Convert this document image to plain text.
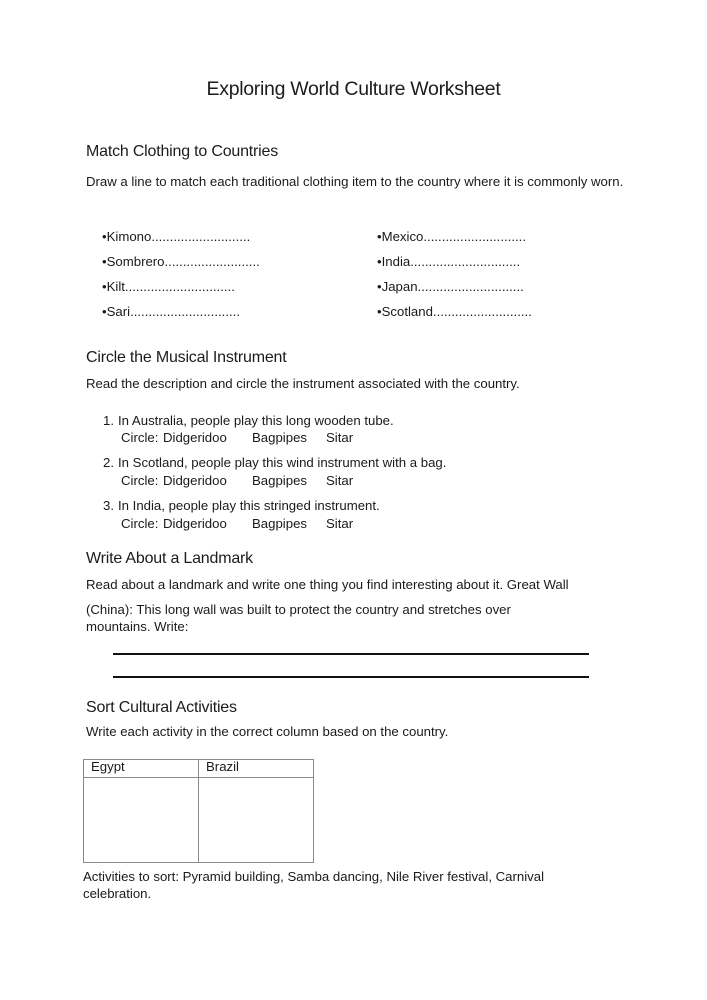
Exploring World Culture Worksheet
Match Clothing to Countries
Draw a line to match each traditional clothing item to the country where it is commonly worn.
•Kimono...........................
•Sombrero..........................
•Kilt..............................
•Sari..............................
•Mexico............................
•India..............................
•Japan.............................
•Scotland...........................
Circle the Musical Instrument
Read the description and circle the instrument associated with the country.
1. In Australia, people play this long wooden tube.
Circle: Didgeridoo Bagpipes Sitar
2. In Scotland, people play this wind instrument with a bag.
Circle: Didgeridoo Bagpipes Sitar
3. In India, people play this stringed instrument.
Circle: Didgeridoo Bagpipes Sitar
Write About a Landmark
Read about a landmark and write one thing you find interesting about it. Great Wall
(China): This long wall was built to protect the country and stretches over mountains. Write:
Sort Cultural Activities
Write each activity in the correct column based on the country.
Egypt	Brazil
Activities to sort: Pyramid building, Samba dancing, Nile River festival, Carnival celebration.
